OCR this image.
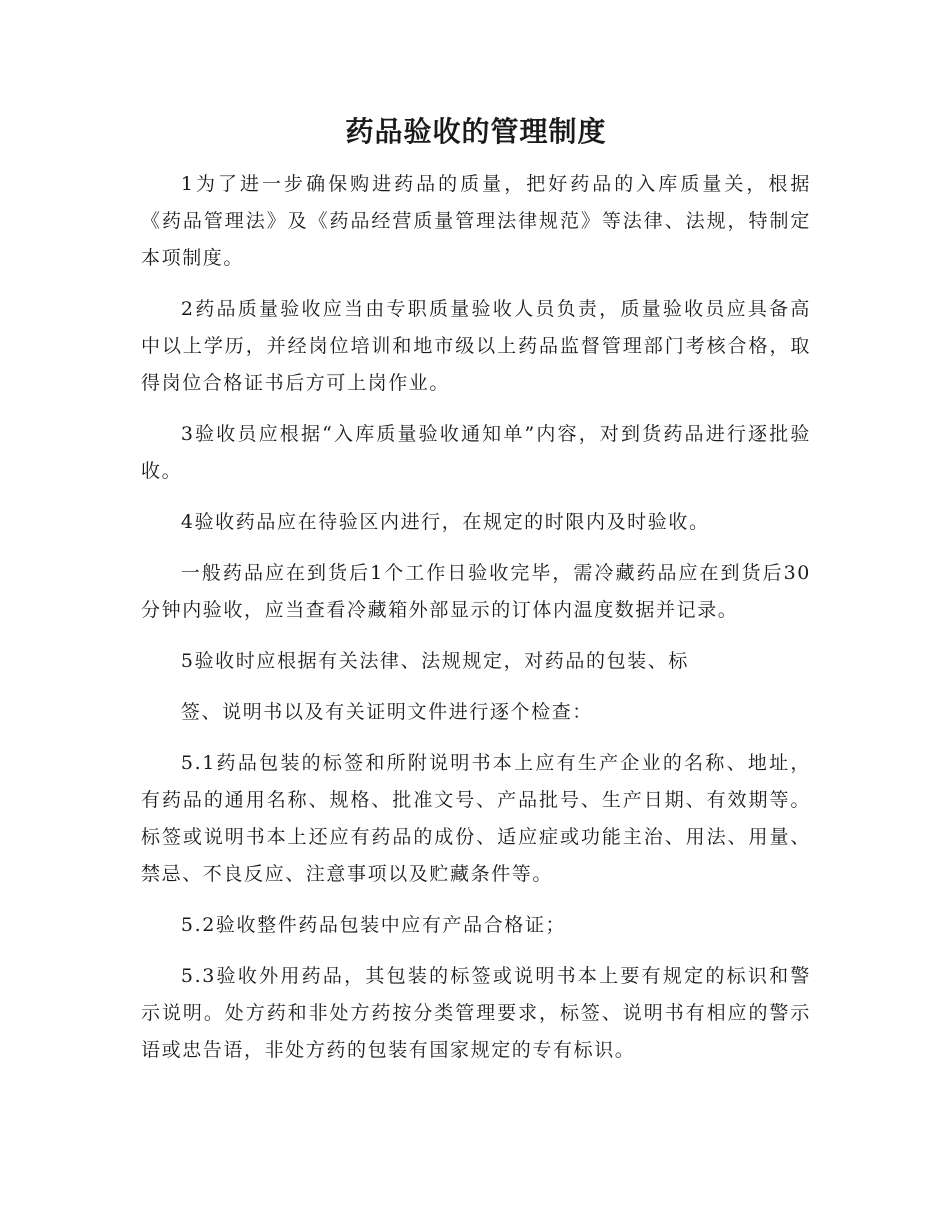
药品验收的管理制度

1为了进一步确保购进药品的质量，把好药品的入库质量关，根据《药品管理法》及《药品经营质量管理法律规范》等法律、法规，特制定本项制度。

2药品质量验收应当由专职质量验收人员负责，质量验收员应具备高中以上学历，并经岗位培训和地市级以上药品监督管理部门考核合格，取得岗位合格证书后方可上岗作业。

3验收员应根据“入库质量验收通知单”内容，对到货药品进行逐批验收。

4验收药品应在待验区内进行，在规定的时限内及时验收。

一般药品应在到货后1个工作日验收完毕，需冷藏药品应在到货后30分钟内验收，应当查看冷藏箱外部显示的订体内温度数据并记录。

5验收时应根据有关法律、法规规定，对药品的包装、标

签、说明书以及有关证明文件进行逐个检查：

5.1药品包装的标签和所附说明书本上应有生产企业的名称、地址，有药品的通用名称、规格、批准文号、产品批号、生产日期、有效期等。标签或说明书本上还应有药品的成份、适应症或功能主治、用法、用量、禁忌、不良反应、注意事项以及贮藏条件等。

5.2验收整件药品包装中应有产品合格证；

5.3验收外用药品，其包装的标签或说明书本上要有规定的标识和警示说明。处方药和非处方药按分类管理要求，标签、说明书有相应的警示语或忠告语，非处方药的包装有国家规定的专有标识。
